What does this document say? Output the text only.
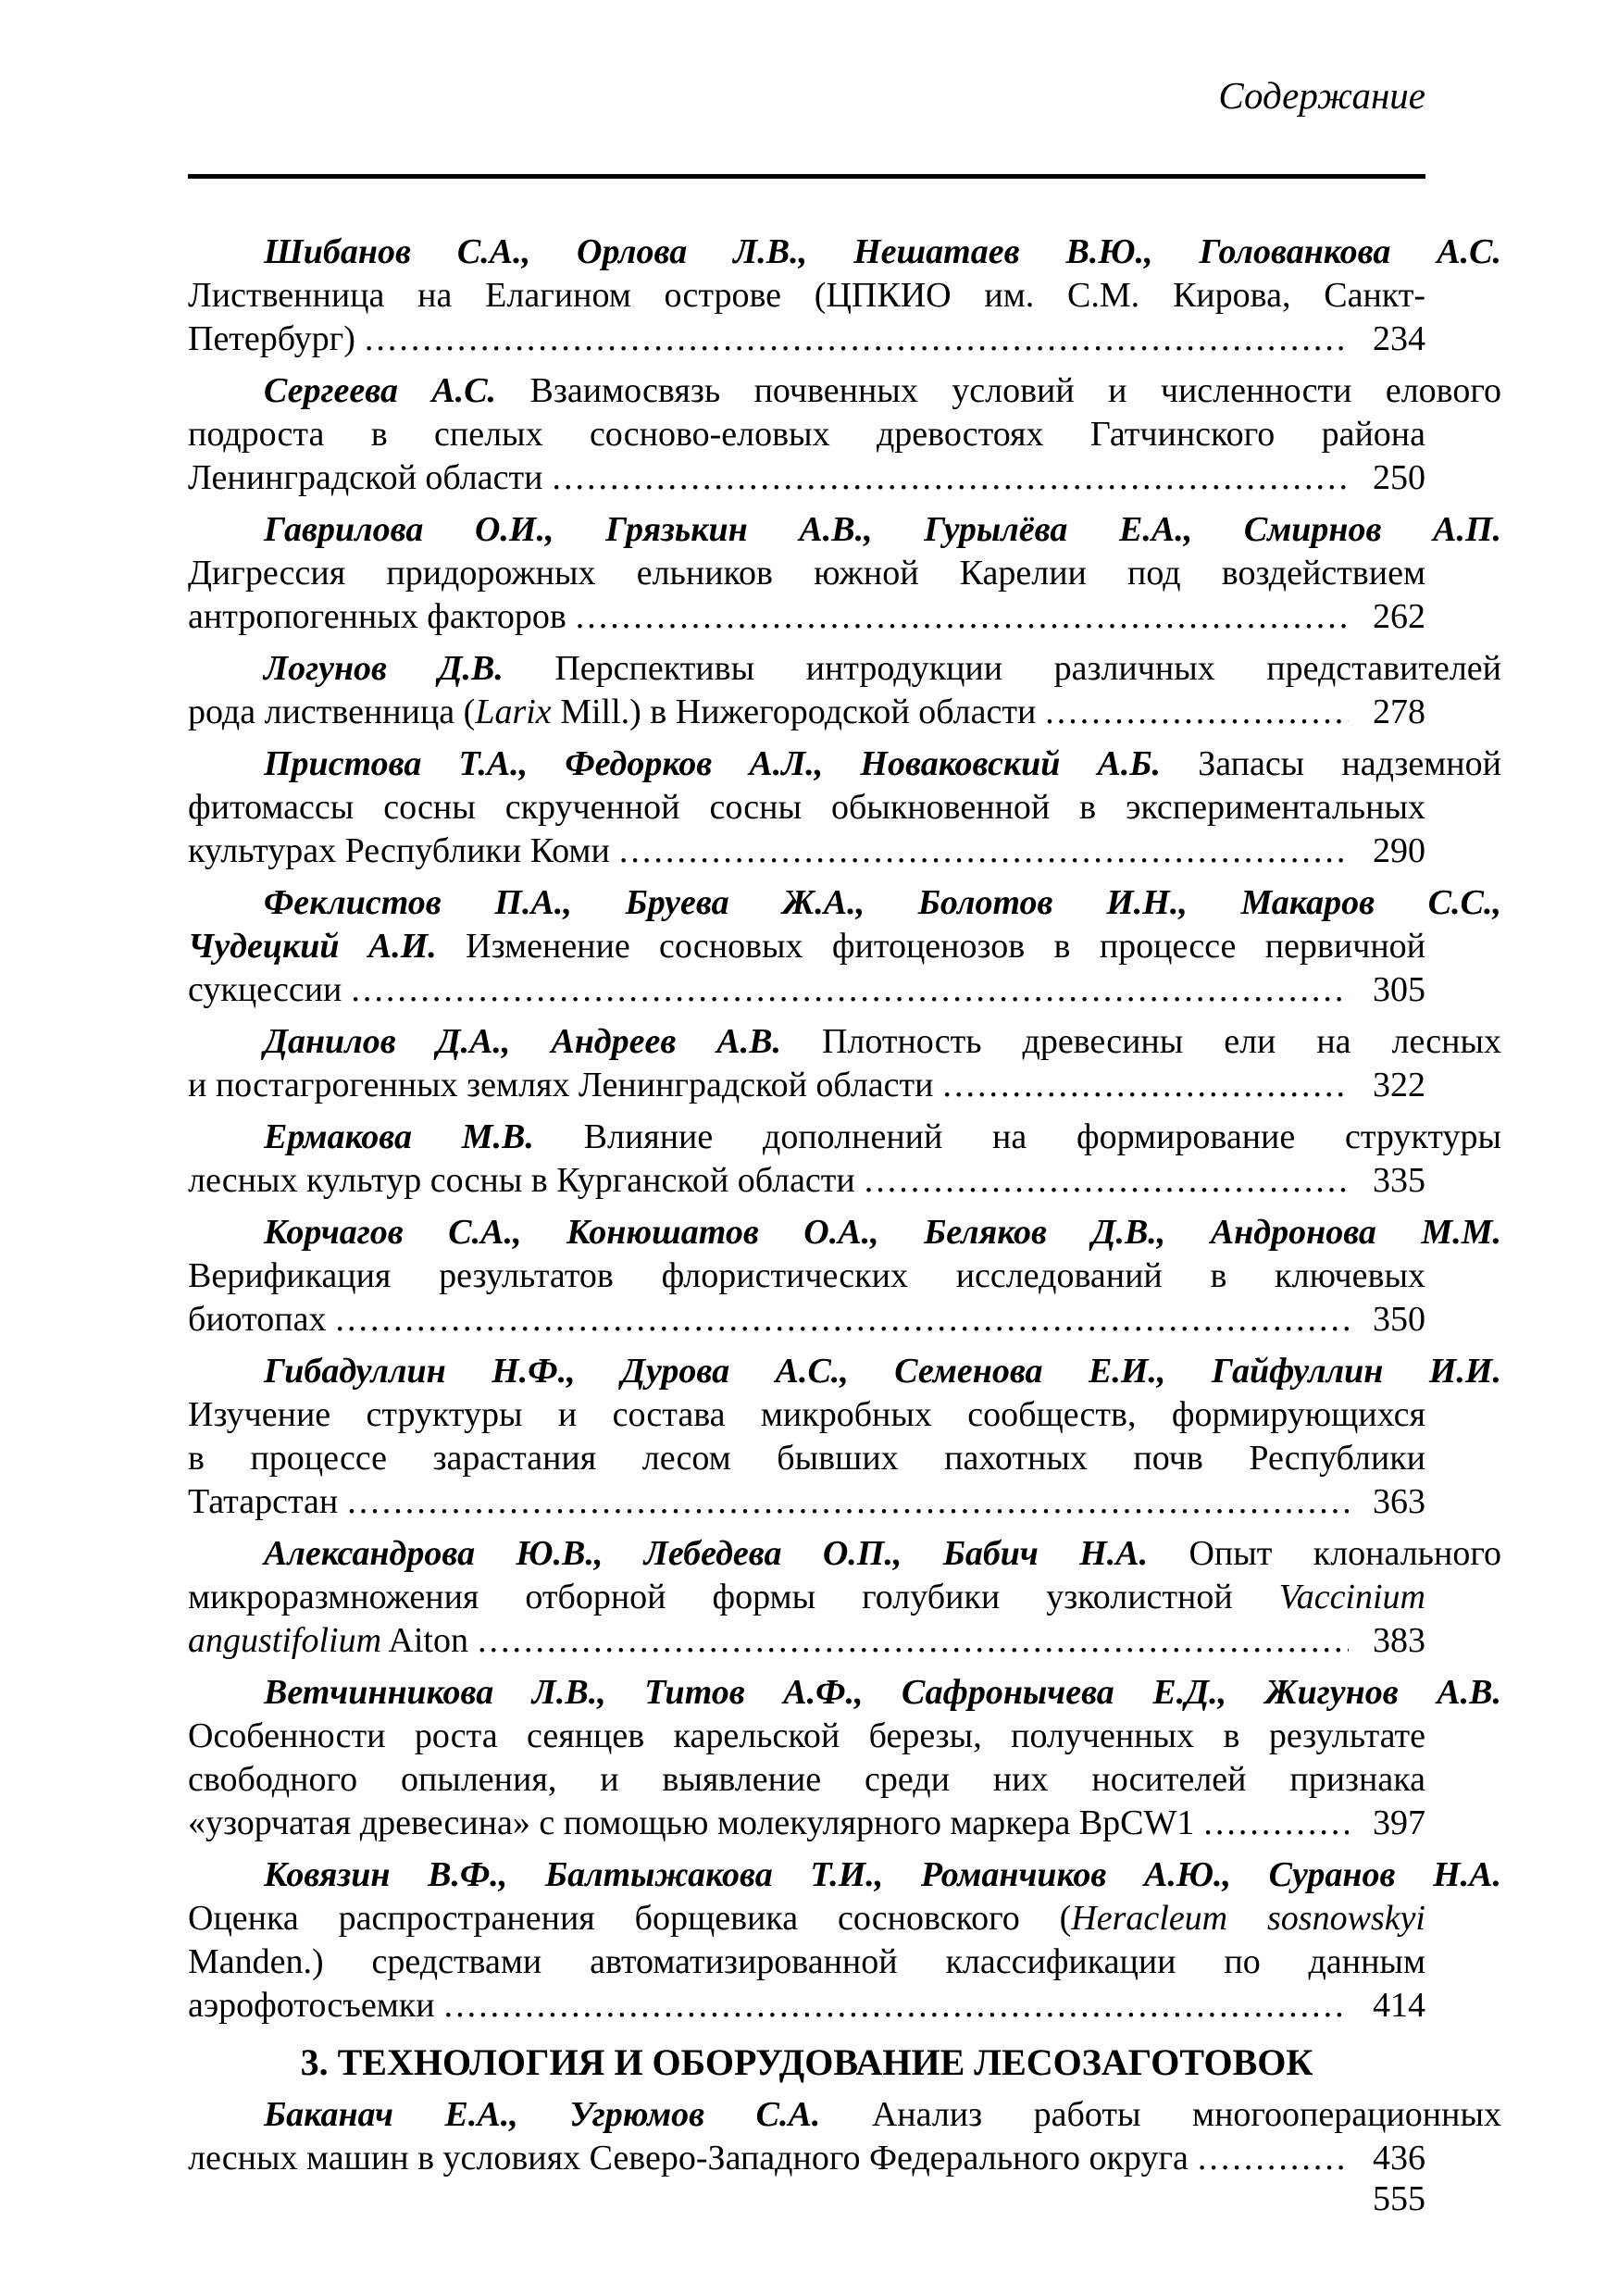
Содержание
Шибанов С.А., Орлова Л.В., Нешатаев В.Ю., Голованкова А.С.
Лиственница на Елагином острове (ЦПКИО им. С.М. Кирова, Санкт-
Петербург) .....	234
Сергеева А.С. Взаимосвязь почвенных условий и численности елового
подроста в спелых сосново-еловых древостоях Гатчинского района
Ленинградской области .....	250
Гаврилова О.И., Грязькин А.В., Гурылёва Е.А., Смирнов А.П.
Дигрессия придорожных ельников южной Карелии под воздействием
антропогенных факторов .....	262
Логунов Д.В. Перспективы интродукции различных представителей
рода лиственница (Larix Mill.) в Нижегородской области .....	278
Пристова Т.А., Федорков А.Л., Новаковский А.Б. Запасы надземной
фитомассы сосны скрученной сосны обыкновенной в экспериментальных
культурах Республики Коми .....	290
Феклистов П.А., Бруева Ж.А., Болотов И.Н., Макаров С.С.,
Чудецкий А.И. Изменение сосновых фитоценозов в процессе первичной
сукцессии .....	305
Данилов Д.А., Андреев А.В. Плотность древесины ели на лесных
и постагрогенных землях Ленинградской области .....	322
Ермакова М.В. Влияние дополнений на формирование структуры
лесных культур сосны в Курганской области .....	335
Корчагов С.А., Конюшатов О.А., Беляков Д.В., Андронова М.М.
Верификация результатов флористических исследований в ключевых
биотопах .....	350
Гибадуллин Н.Ф., Дурова А.С., Семенова Е.И., Гайфуллин И.И.
Изучение структуры и состава микробных сообществ, формирующихся
в процессе зарастания лесом бывших пахотных почв Республики
Татарстан .....	363
Александрова Ю.В., Лебедева О.П., Бабич Н.А. Опыт клонального
микроразмножения отборной формы голубики узколистной Vaccinium
angustifolium Aiton .....	383
Ветчинникова Л.В., Титов А.Ф., Сафронычева Е.Д., Жигунов А.В.
Особенности роста сеянцев карельской березы, полученных в результате
свободного опыления, и выявление среди них носителей признака
«узорчатая древесина» с помощью молекулярного маркера BpCW1 .....	397
Ковязин В.Ф., Балтыжакова Т.И., Романчиков А.Ю., Суранов Н.А.
Оценка распространения борщевика сосновского (Heracleum sosnowskyi
Manden.) средствами автоматизированной классификации по данным
аэрофотосъемки .....	414
3. ТЕХНОЛОГИЯ И ОБОРУДОВАНИЕ ЛЕСОЗАГОТОВОК
Баканач Е.А., Угрюмов С.А. Анализ работы многооперационных
лесных машин в условиях Северо-Западного Федерального округа .....	436
555
